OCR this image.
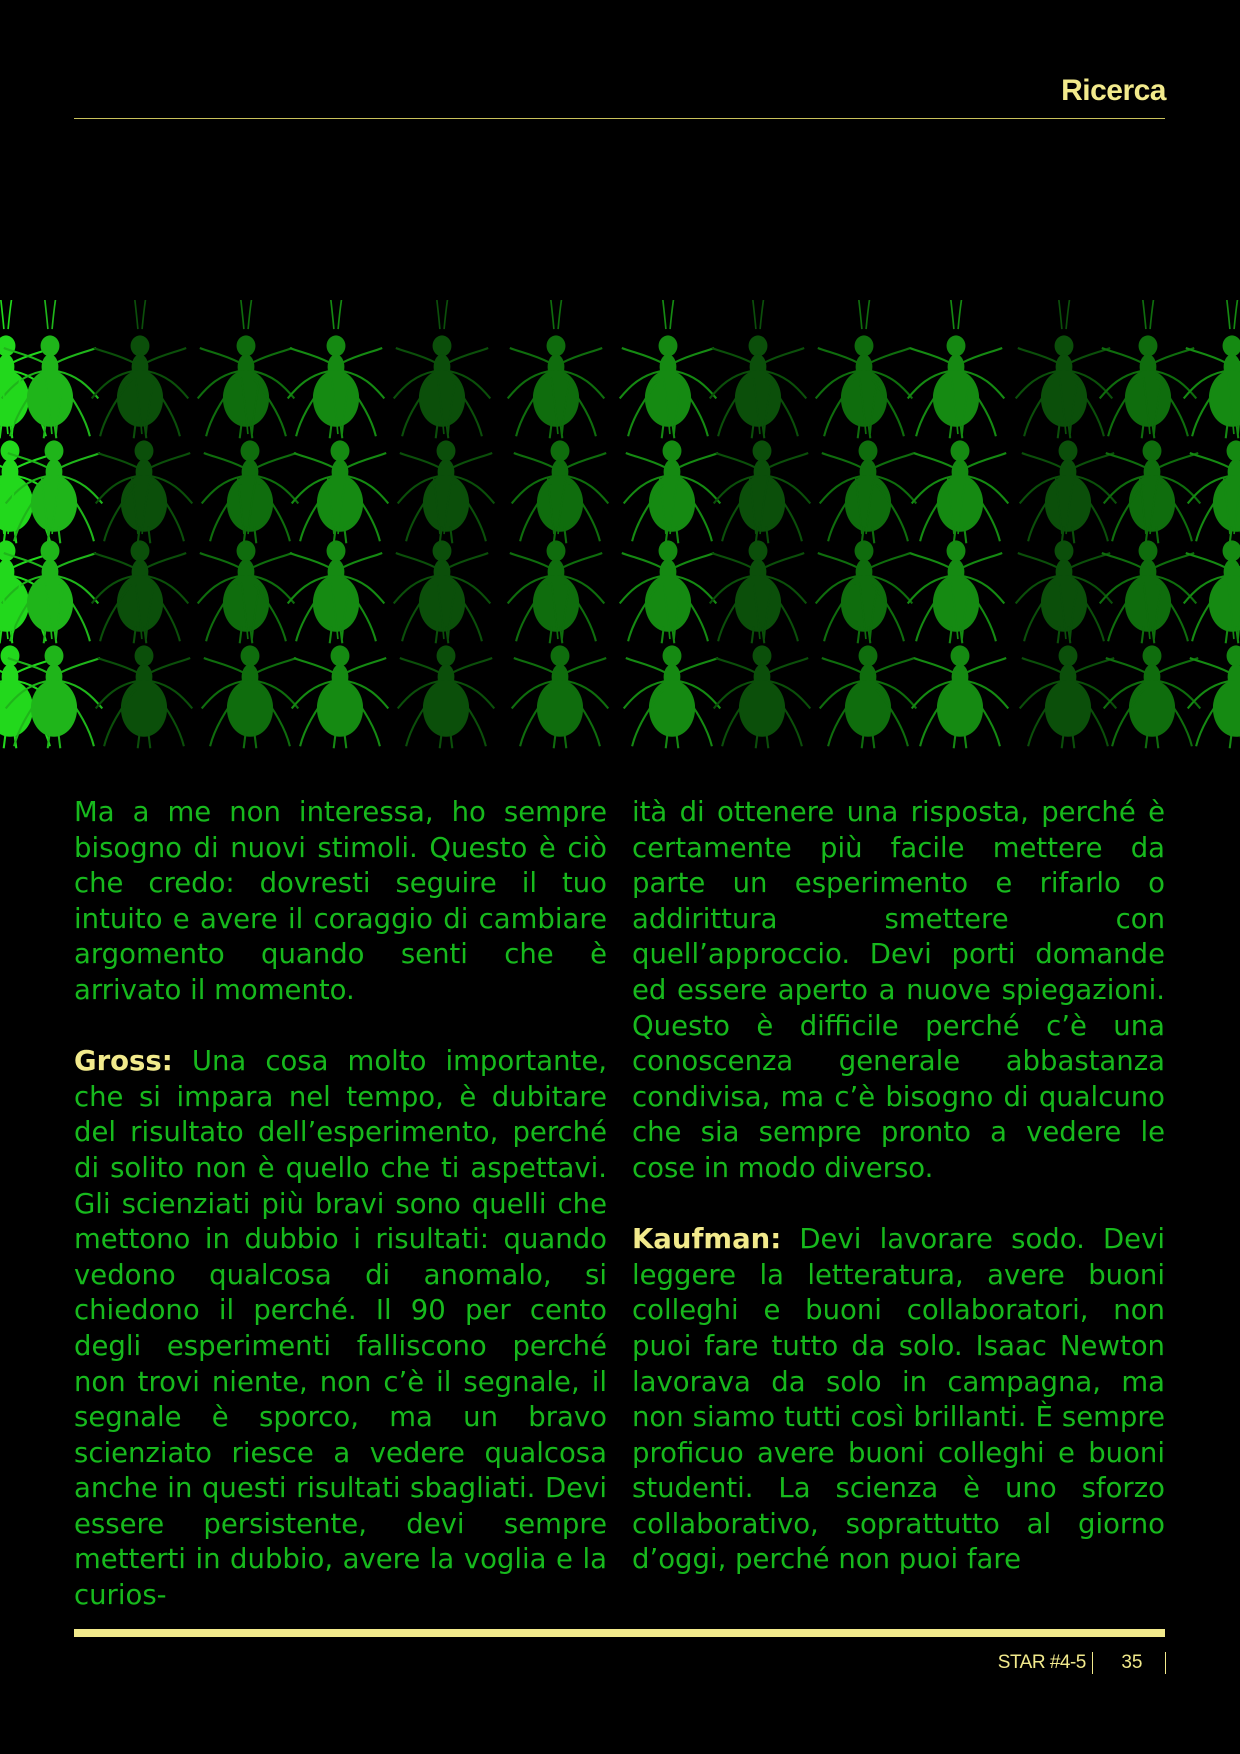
Ricerca

Ma a me non interessa, ho sempre bisogno di nuovi stimoli. Questo è ciò che credo: dovresti seguire il tuo intuito e avere il coraggio di cambiare argomento quando senti che è arrivato il momento.

Gross: Una cosa molto importante, che si impara nel tempo, è dubitare del risultato dell’esperimento, perché di solito non è quello che ti aspettavi. Gli scienziati più bravi sono quelli che mettono in dubbio i risultati: quando vedono qualcosa di anomalo, si chiedono il perché. Il 90 per cento degli esperimenti falliscono perché non trovi niente, non c’è il segnale, il segnale è sporco, ma un bravo scienziato riesce a vedere qualcosa anche in questi risultati sbagliati. Devi essere persistente, devi sempre metterti in dubbio, avere la voglia e la curios-

ità di ottenere una risposta, perché è certamente più facile mettere da parte un esperimento e rifarlo o addirittura smettere con quell’approccio. Devi porti domande ed essere aperto a nuove spiegazioni. Questo è difficile perché c’è una conoscenza generale abbastanza condivisa, ma c’è bisogno di qualcuno che sia sempre pronto a vedere le cose in modo diverso.

Kaufman: Devi lavorare sodo. Devi leggere la letteratura, avere buoni colleghi e buoni collaboratori, non puoi fare tutto da solo. Isaac Newton lavorava da solo in campagna, ma non siamo tutti così brillanti. È sempre proficuo avere buoni colleghi e buoni studenti. La scienza è uno sforzo collaborativo, soprattutto al giorno d’oggi, perché non puoi fare

STAR #4-5	35
